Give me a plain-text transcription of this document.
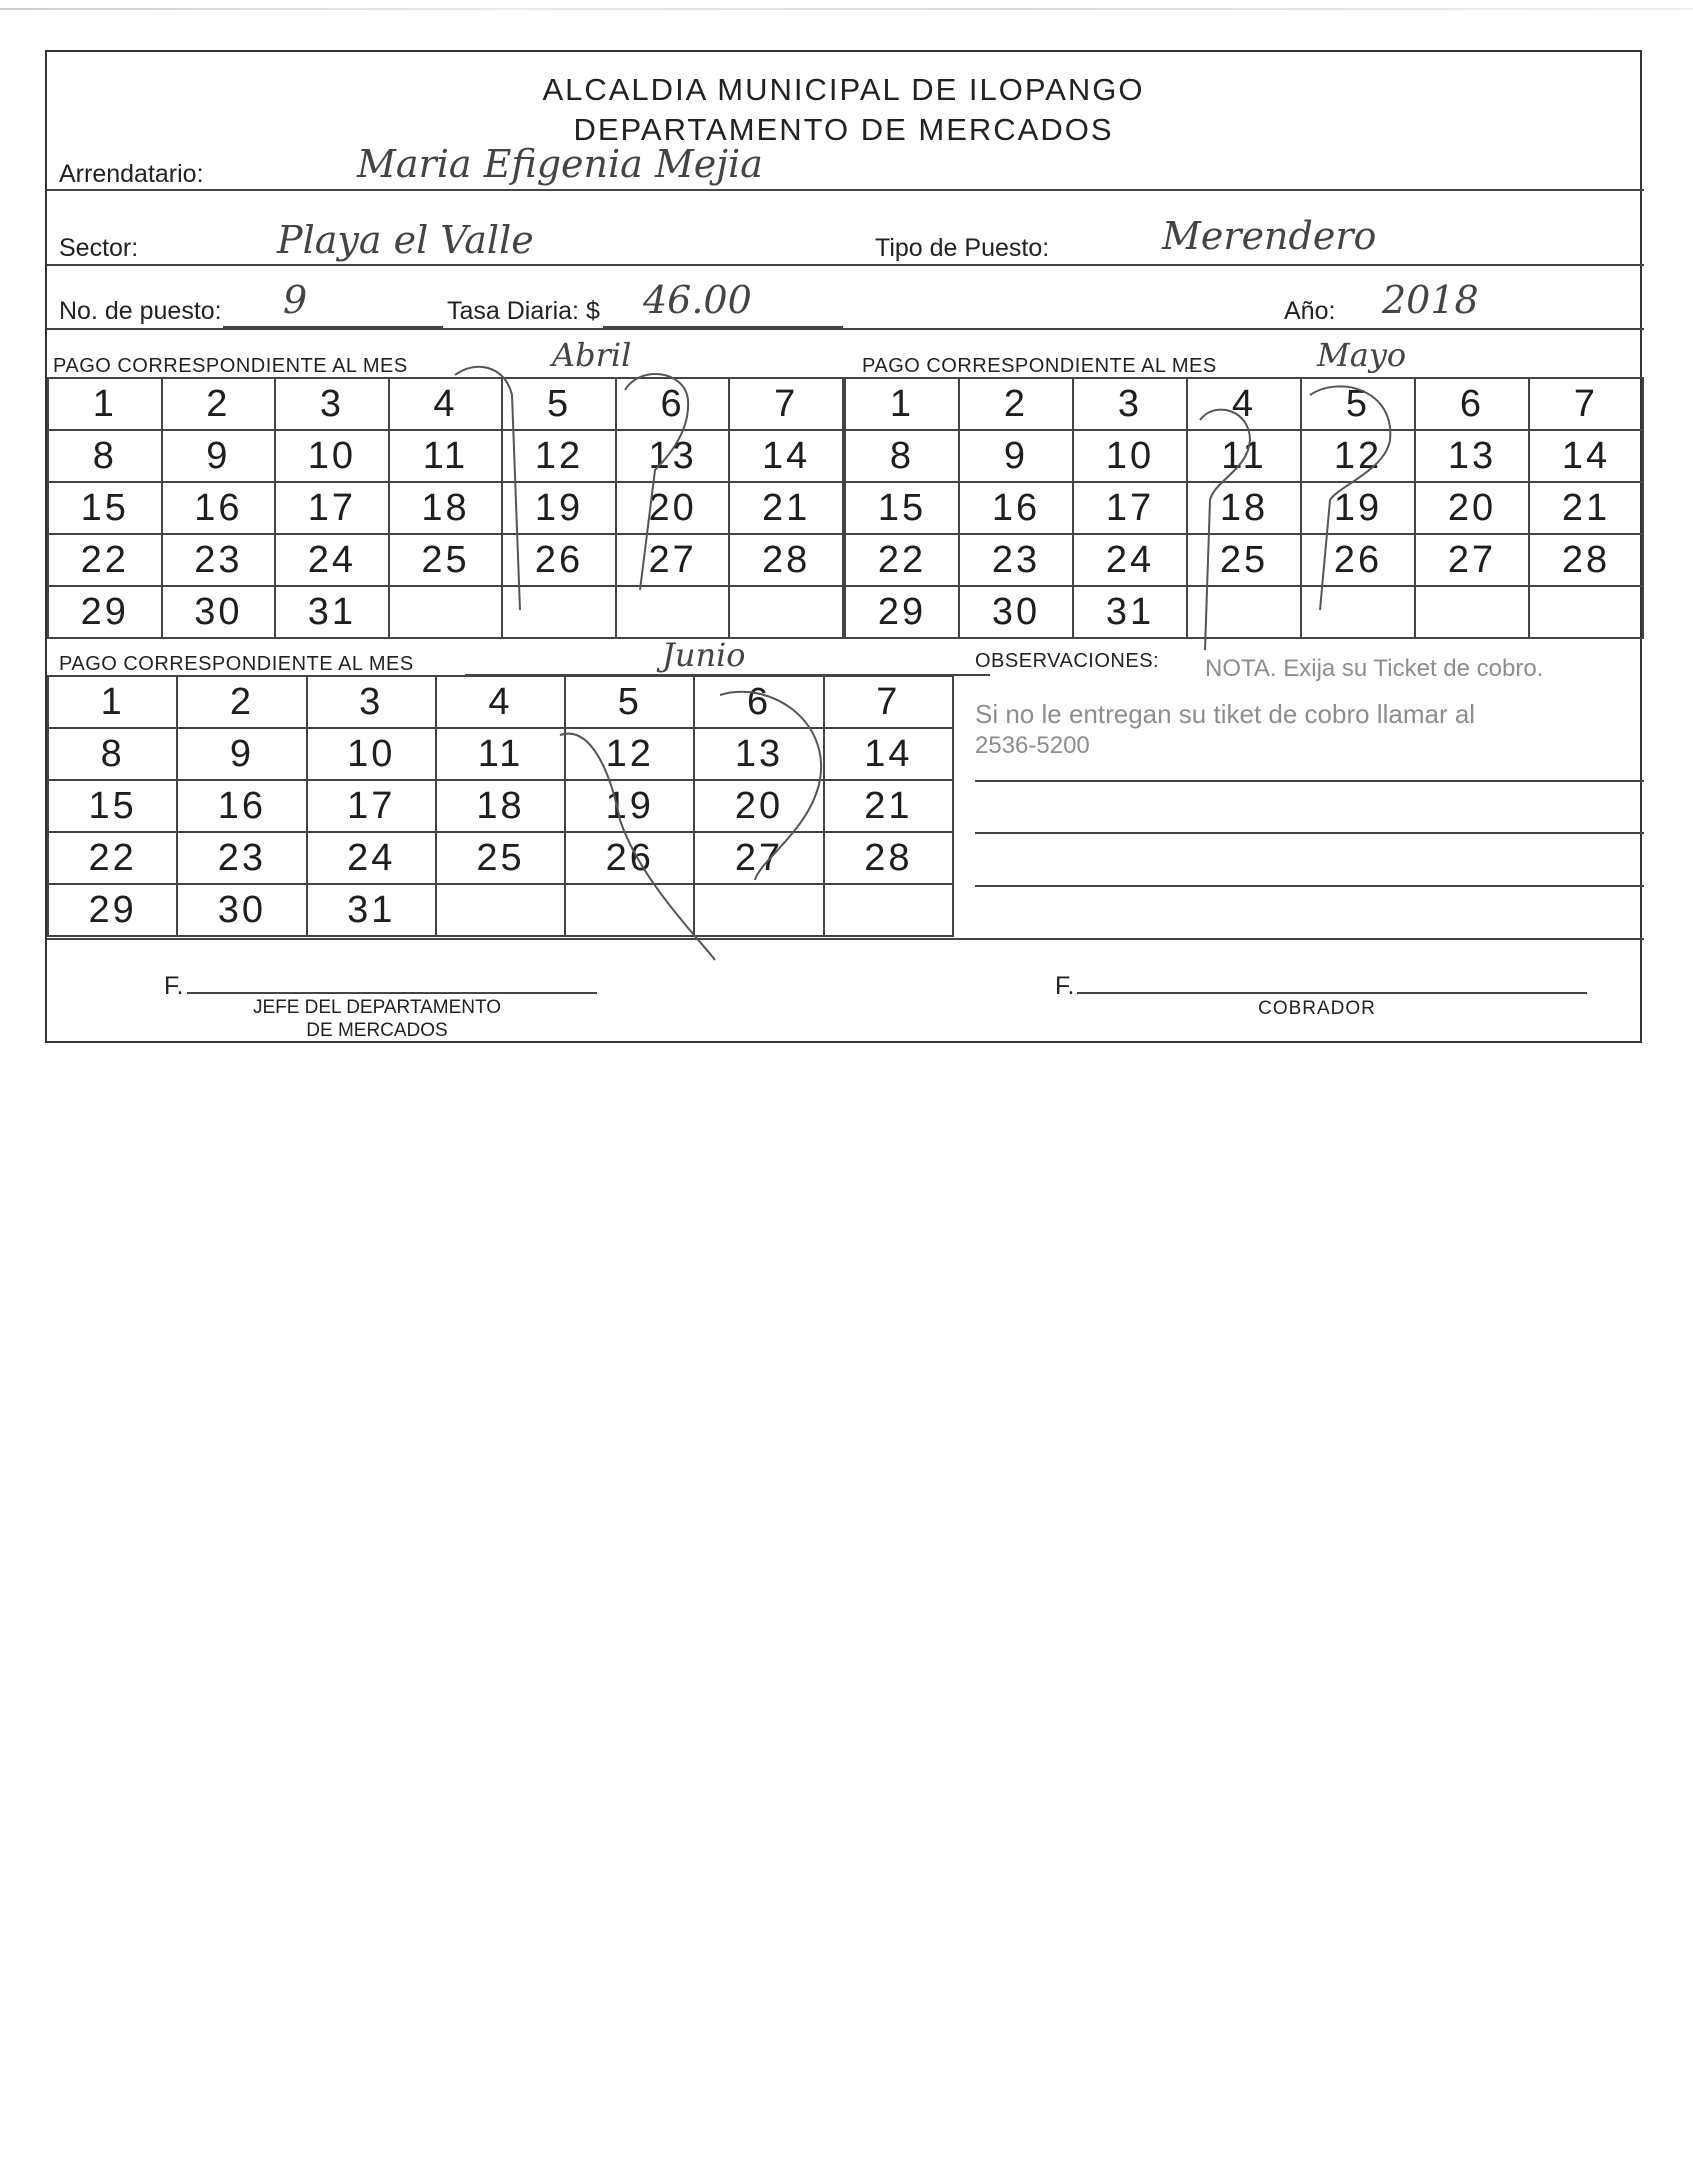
ALCALDIA MUNICIPAL DE ILOPANGO
DEPARTAMENTO DE MERCADOS
Arrendatario:	Maria Efigenia Mejia
Sector:	Playa el Valle	Tipo de Puesto:	Merendero
No. de puesto: 9	Tasa Diaria: $ 46.00	Año: 2018
PAGO CORRESPONDIENTE AL MES	Abril	PAGO CORRESPONDIENTE AL MES	Mayo
1	2	3	4	5	6	7
8	9	10	11	12	13	14
15	16	17	18	19	20	21
22	23	24	25	26	27	28
29	30	31				
1	2	3	4	5	6	7
8	9	10	11	12	13	14
15	16	17	18	19	20	21
22	23	24	25	26	27	28
29	30	31				
PAGO CORRESPONDIENTE AL MES	Junio
1	2	3	4	5	6	7
8	9	10	11	12	13	14
15	16	17	18	19	20	21
22	23	24	25	26	27	28
29	30	31				
OBSERVACIONES: NOTA. Exija su Ticket de cobro.
Si no le entregan su tiket de cobro llamar al
2536-5200
F.
JEFE DEL DEPARTAMENTO
DE MERCADOS
F.
COBRADOR
